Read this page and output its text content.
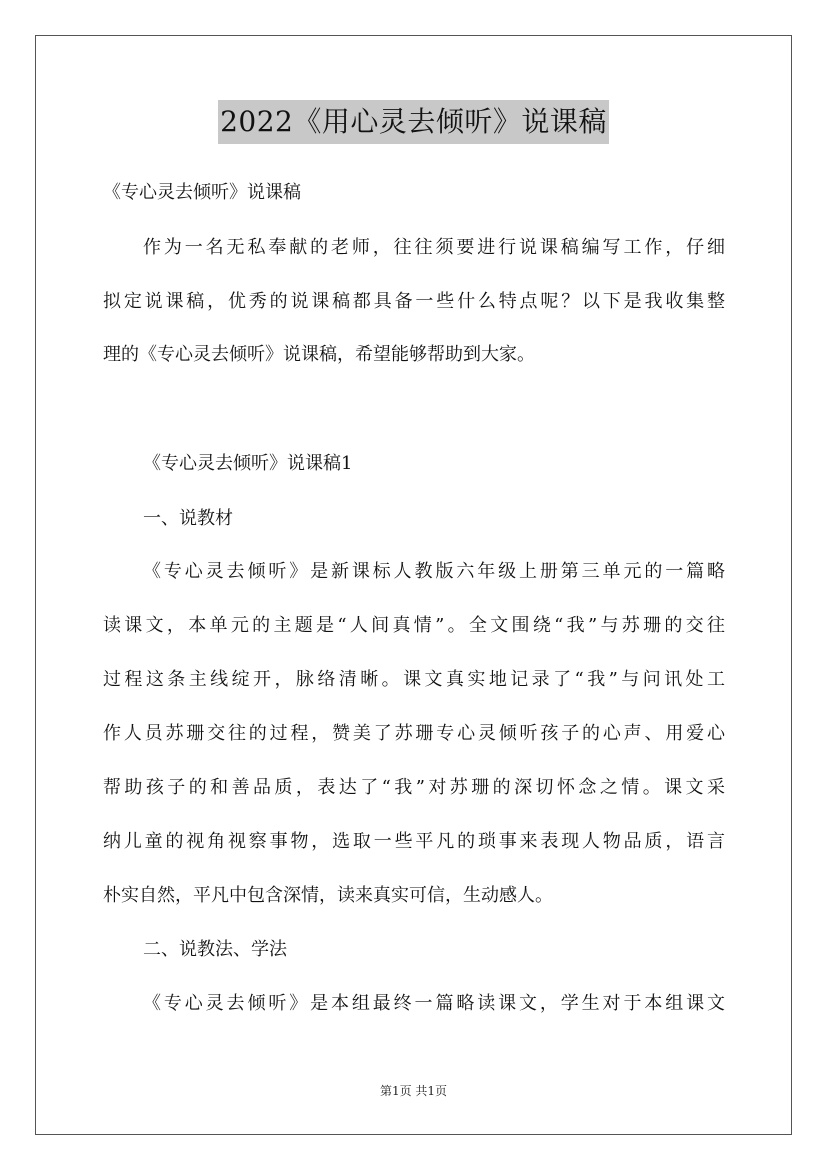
2022《用心灵去倾听》说课稿
《专心灵去倾听》说课稿
作为一名无私奉献的老师，往往须要进行说课稿编写工作，仔细
拟定说课稿，优秀的说课稿都具备一些什么特点呢？以下是我收集整
理的《专心灵去倾听》说课稿，希望能够帮助到大家。
《专心灵去倾听》说课稿1
一、说教材
《专心灵去倾听》是新课标人教版六年级上册第三单元的一篇略
读课文，本单元的主题是“人间真情”。全文围绕“我”与苏珊的交往
过程这条主线绽开，脉络清晰。课文真实地记录了“我”与问讯处工
作人员苏珊交往的过程，赞美了苏珊专心灵倾听孩子的心声、用爱心
帮助孩子的和善品质，表达了“我”对苏珊的深切怀念之情。课文采
纳儿童的视角视察事物，选取一些平凡的琐事来表现人物品质，语言
朴实自然，平凡中包含深情，读来真实可信，生动感人。
二、说教法、学法
《专心灵去倾听》是本组最终一篇略读课文，学生对于本组课文
第1页 共1页
